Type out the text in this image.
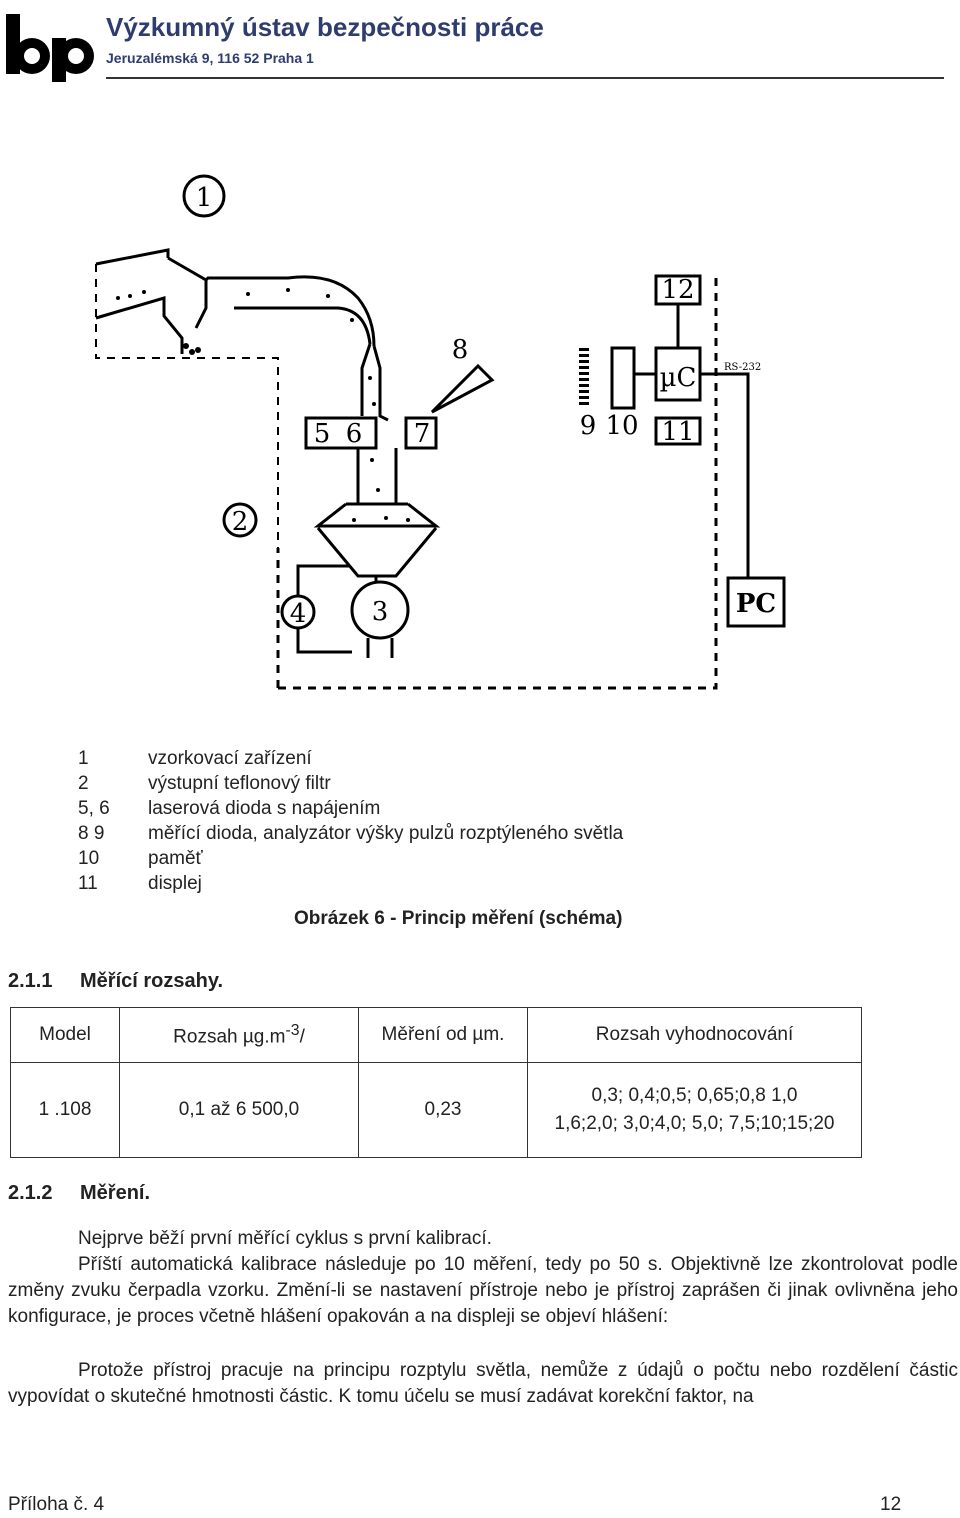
Výzkumný ústav bezpečnosti práce
Jeruzalémská 9, 116 52 Praha 1
1
2
3
4
5 6 7
8
9 10 11
12
µC
PC
RS-232
1	vzorkovací zařízení
2	výstupní teflonový filtr
5, 6	laserová dioda s napájením
8 9	měřící dioda, analyzátor výšky pulzů rozptýleného světla
10	paměť
11	displej
Obrázek 6 - Princip měření (schéma)
2.1.1 Měřící rozsahy.
Model	Rozsah $\mu g.m^{-3}/$	Měření od µm.	Rozsah vyhodnocování
1 .108	0,1 až 6 500,0	0,23	0,3; 0,4;0,5; 0,65;0,8 1,0
1,6;2,0; 3,0;4,0; 5,0; 7,5;10;15;20
2.1.2 Měření.
Nejprve běží první měřící cyklus s první kalibrací.
Příští automatická kalibrace následuje po 10 měření, tedy po 50 s. Objektivně lze zkontrolovat podle změny zvuku čerpadla vzorku. Změní-li se nastavení přístroje nebo je přístroj zaprášen či jinak ovlivněna jeho konfigurace, je proces včetně hlášení opakován a na displeji se objeví hlášení:
Protože přístroj pracuje na principu rozptylu světla, nemůže z údajů o počtu nebo rozdělení částic vypovídat o skutečné hmotnosti částic. K tomu účelu se musí zadávat korekční faktor, na
Příloha č. 4	12
